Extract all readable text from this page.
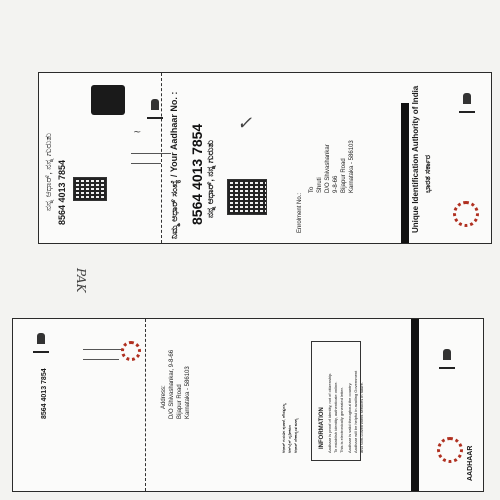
8564 4013 7854
ನನ್ನ ಆಧಾರ್, ನನ್ನ ಗುರುತು
~	8564 4013 7854
ನಿಮ್ಮ ಆಧಾರ್ ಸಂಖ್ಯೆ / Your Aadhaar No. :	ನನ್ನ ಆಧಾರ್, ನನ್ನ ಗುರುತು
✓
Enrolment No.:
To Shruti D/O Shivashankar 9-8-66 Bijapur Road Karnataka - 586103	Unique Identification Authority of India ಭಾರತ ಸರ್ಕಾರ
PAK
8564 4013 7854	Address: D/O Shivashankar, 9-8-66 Bijapur Road Karnataka - 586103
INFORMATION Aadhaar is proof of identity, not of citizenship. To establish identity, authenticate online. This is electronically generated letter.
ಆಧಾರ್ ಗುರುತಿನ ಪುರಾವೆ, ಪೌರತ್ವದಲ್ಲ ಆನ್‌ಲೈನ್ ದೃಢೀಕರಣ ಆಧಾರ್ ದೇಶಾದ್ಯಂತ ಮಾನ್ಯ	Aadhaar is valid throughout the country. Aadhaar will be helpful in availing Government and Non-Government services in future.
AADHAAR
